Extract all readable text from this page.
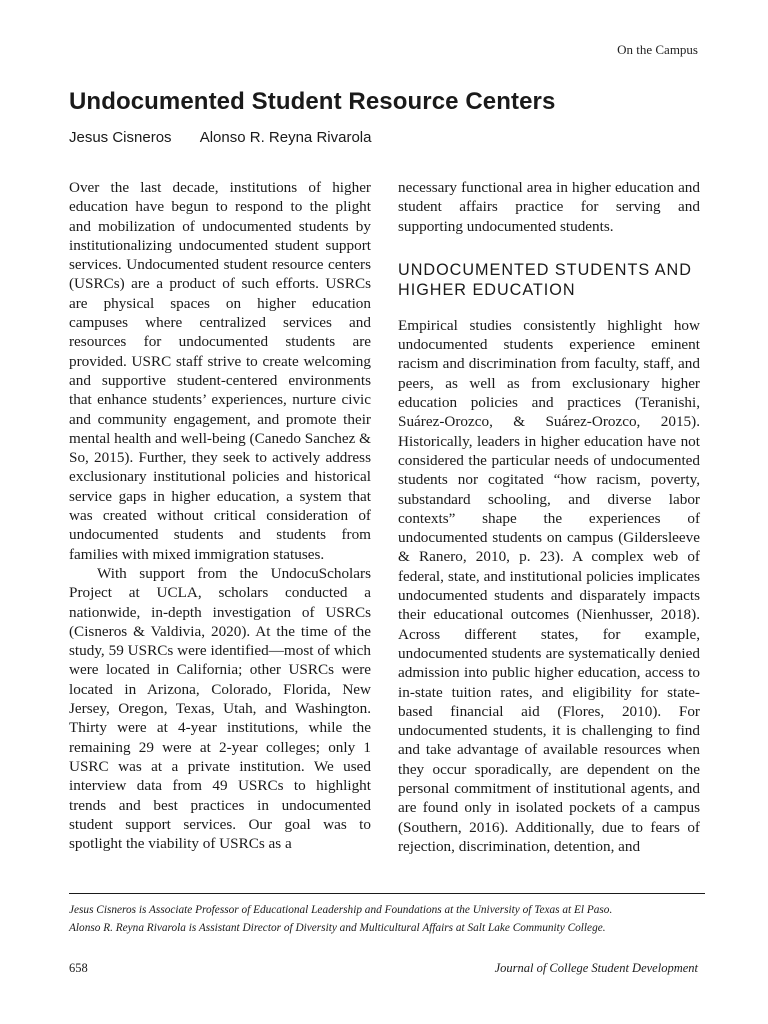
On the Campus
Undocumented Student Resource Centers
Jesus Cisneros Alonso R. Reyna Rivarola

Over the last decade, institutions of higher education have begun to respond to the plight and mobilization of undocumented students by institutionalizing undocumented student support services. Undocumented student resource centers (USRCs) are a product of such efforts. USRCs are physical spaces on higher education campuses where centralized services and resources for undocumented students are provided. USRC staff strive to create welcoming and supportive student-centered environments that enhance students’ experiences, nurture civic and community engagement, and promote their mental health and well-being (Canedo Sanchez & So, 2015). Further, they seek to actively address exclusionary institutional policies and historical service gaps in higher education, a system that was created without critical consideration of undocumented students and students from families with mixed immigration statuses.

With support from the UndocuScholars Project at UCLA, scholars conducted a nationwide, in-depth investigation of USRCs (Cisneros & Valdivia, 2020). At the time of the study, 59 USRCs were identified—most of which were located in California; other USRCs were located in Arizona, Colorado, Florida, New Jersey, Oregon, Texas, Utah, and Washington. Thirty were at 4-year institutions, while the remaining 29 were at 2-year colleges; only 1 USRC was at a private institution. We used interview data from 49 USRCs to highlight trends and best practices in undocumented student support services. Our goal was to spotlight the viability of USRCs as a

necessary functional area in higher education and student affairs practice for serving and supporting undocumented students.

UNDOCUMENTED STUDENTS AND HIGHER EDUCATION

Empirical studies consistently highlight how undocumented students experience eminent racism and discrimination from faculty, staff, and peers, as well as from exclusionary higher education policies and practices (Teranishi, Suárez-Orozco, & Suárez-Orozco, 2015). Historically, leaders in higher education have not considered the particular needs of undocumented students nor cogitated “how racism, poverty, substandard schooling, and diverse labor contexts” shape the experiences of undocumented students on campus (Gildersleeve & Ranero, 2010, p. 23). A complex web of federal, state, and institutional policies implicates undocumented students and disparately impacts their educational outcomes (Nienhusser, 2018). Across different states, for example, undocumented students are systematically denied admission into public higher education, access to in-state tuition rates, and eligibility for state-based financial aid (Flores, 2010). For undocumented students, it is challenging to find and take advantage of available resources when they occur sporadically, are dependent on the personal commitment of institutional agents, and are found only in isolated pockets of a campus (Southern, 2016). Additionally, due to fears of rejection, discrimination, detention, and

Jesus Cisneros is Associate Professor of Educational Leadership and Foundations at the University of Texas at El Paso.
Alonso R. Reyna Rivarola is Assistant Director of Diversity and Multicultural Affairs at Salt Lake Community College.
658	Journal of College Student Development
